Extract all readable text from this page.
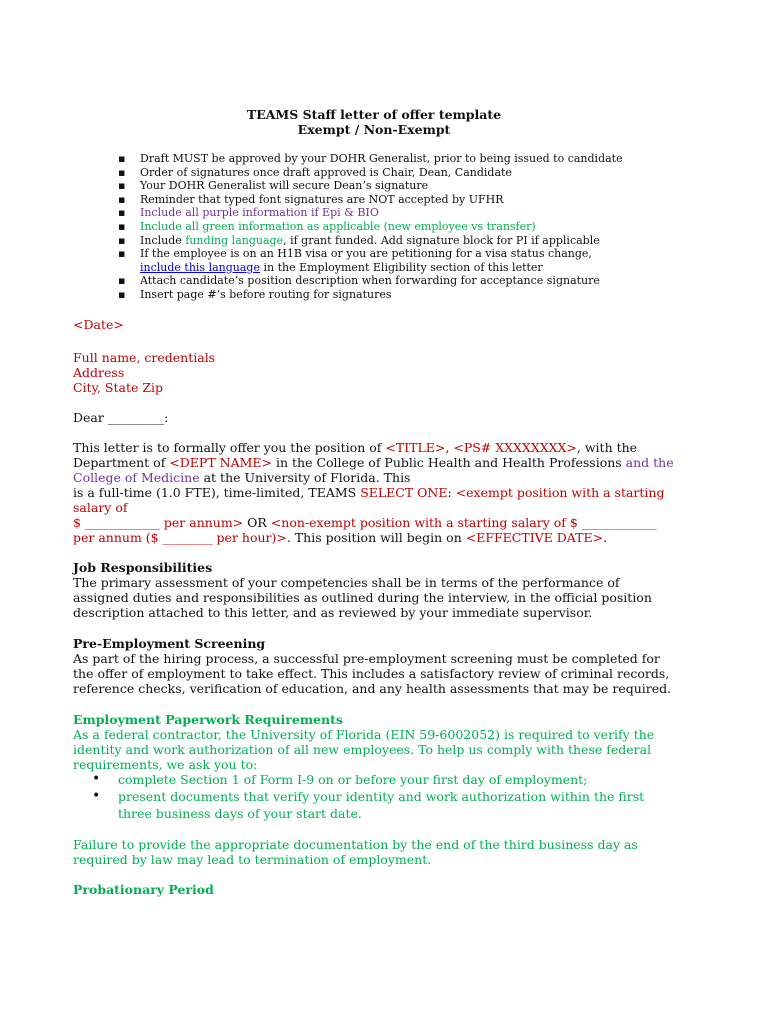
TEAMS Staff letter of offer template
Exempt / Non-Exempt
▪ Draft MUST be approved by your DOHR Generalist, prior to being issued to candidate
▪ Order of signatures once draft approved is Chair, Dean, Candidate
▪ Your DOHR Generalist will secure Dean’s signature
▪ Reminder that typed font signatures are NOT accepted by UFHR
▪ Include all purple information if Epi & BIO
▪ Include all green information as applicable (new employee vs transfer)
▪ Include funding language, if grant funded. Add signature block for PI if applicable
▪ If the employee is on an H1B visa or you are petitioning for a visa status change,
include this language in the Employment Eligibility section of this letter
▪ Attach candidate’s position description when forwarding for acceptance signature
▪ Insert page #’s before routing for signatures
<Date>
Full name, credentials
Address
City, State Zip
Dear _________:
This letter is to formally offer you the position of <TITLE>, <PS# XXXXXXXX>, with the
Department of <DEPT NAME> in the College of Public Health and Health Professions and the
College of Medicine at the University of Florida. This
is a full-time (1.0 FTE), time-limited, TEAMS SELECT ONE: <exempt position with a starting
salary of
$ ____________ per annum> OR <non-exempt position with a starting salary of $ ____________
per annum ($ ________ per hour)>. This position will begin on <EFFECTIVE DATE>.
Job Responsibilities
The primary assessment of your competencies shall be in terms of the performance of
assigned duties and responsibilities as outlined during the interview, in the official position
description attached to this letter, and as reviewed by your immediate supervisor.
Pre-Employment Screening
As part of the hiring process, a successful pre-employment screening must be completed for
the offer of employment to take effect. This includes a satisfactory review of criminal records,
reference checks, verification of education, and any health assessments that may be required.
Employment Paperwork Requirements
As a federal contractor, the University of Florida (EIN 59-6002052) is required to verify the
identity and work authorization of all new employees. To help us comply with these federal
requirements, we ask you to:
• complete Section 1 of Form I-9 on or before your first day of employment;
• present documents that verify your identity and work authorization within the first three business days of your start date.
Failure to provide the appropriate documentation by the end of the third business day as
required by law may lead to termination of employment.
Probationary Period
